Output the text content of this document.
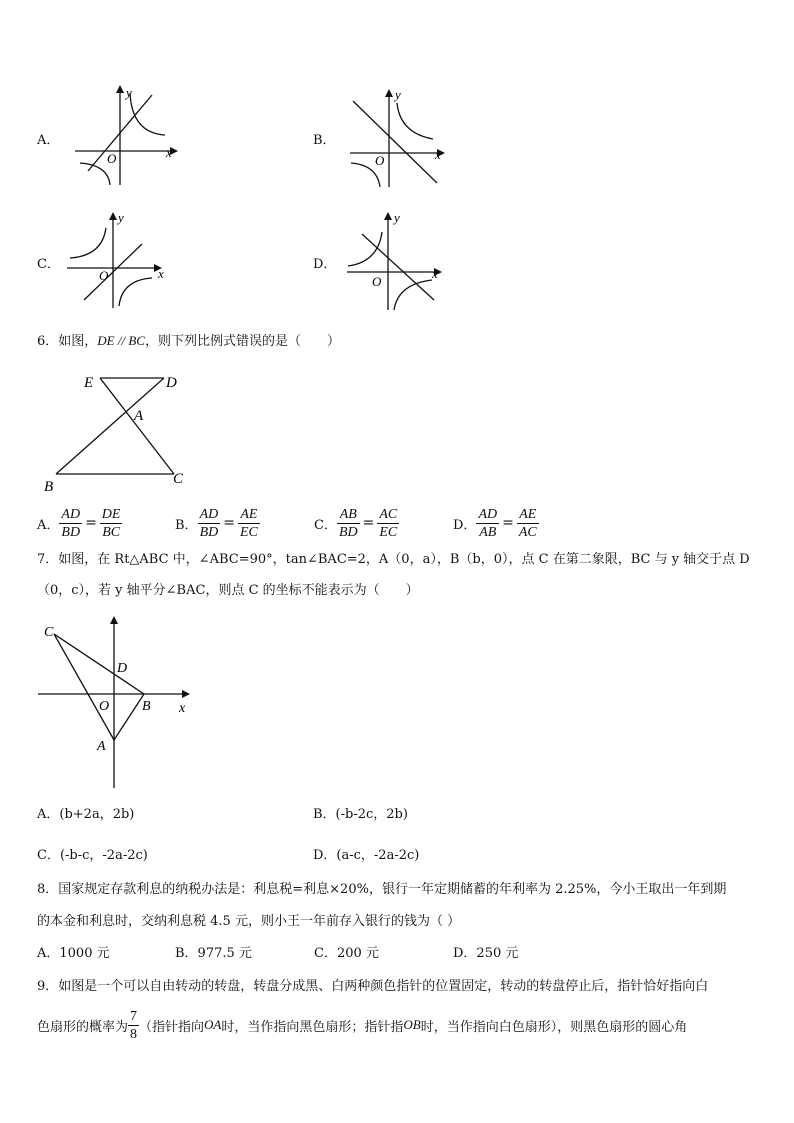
A．
x
y
O
B．
x
y
O
C．
x
y
O
D．
x
y
O
6．如图，DE // BC，则下列比例式错误的是（　　）
E	D
A
B	C
A． $\frac{AD}{BD} = \frac{DE}{BC}$	B． $\frac{AD}{BD} = \frac{AE}{EC}$	C． $\frac{AB}{BD} = \frac{AC}{EC}$	D． $\frac{AD}{AB} = \frac{AE}{AC}$
7．如图，在 Rt△ABC 中，∠ABC=90°，tan∠BAC=2，A（0，a），B（b，0），点 C 在第二象限，BC 与 y 轴交于点 D
（0，c），若 y 轴平分∠BAC，则点 C 的坐标不能表示为（　　）
C
D
O B
A
x
A．(b+2a，2b)	B．(-b-2c，2b)
C．(-b-c，-2a-2c)	D．(a-c，-2a-2c)
8．国家规定存款利息的纳税办法是：利息税=利息×20%，银行一年定期储蓄的年利率为 2.25%，今小王取出一年到期
的本金和利息时，交纳利息税 4.5 元，则小王一年前存入银行的钱为（ ）
A．1000 元	B．977.5 元	C．200 元	D．250 元
9．如图是一个可以自由转动的转盘，转盘分成黑、白两种颜色指针的位置固定，转动的转盘停止后，指针恰好指向白
色扇形的概率为 $\frac{7}{8}$ （指针指向 OA 时，当作指向黑色扇形；指针指 OB 时，当作指向白色扇形），则黑色扇形的圆心角
